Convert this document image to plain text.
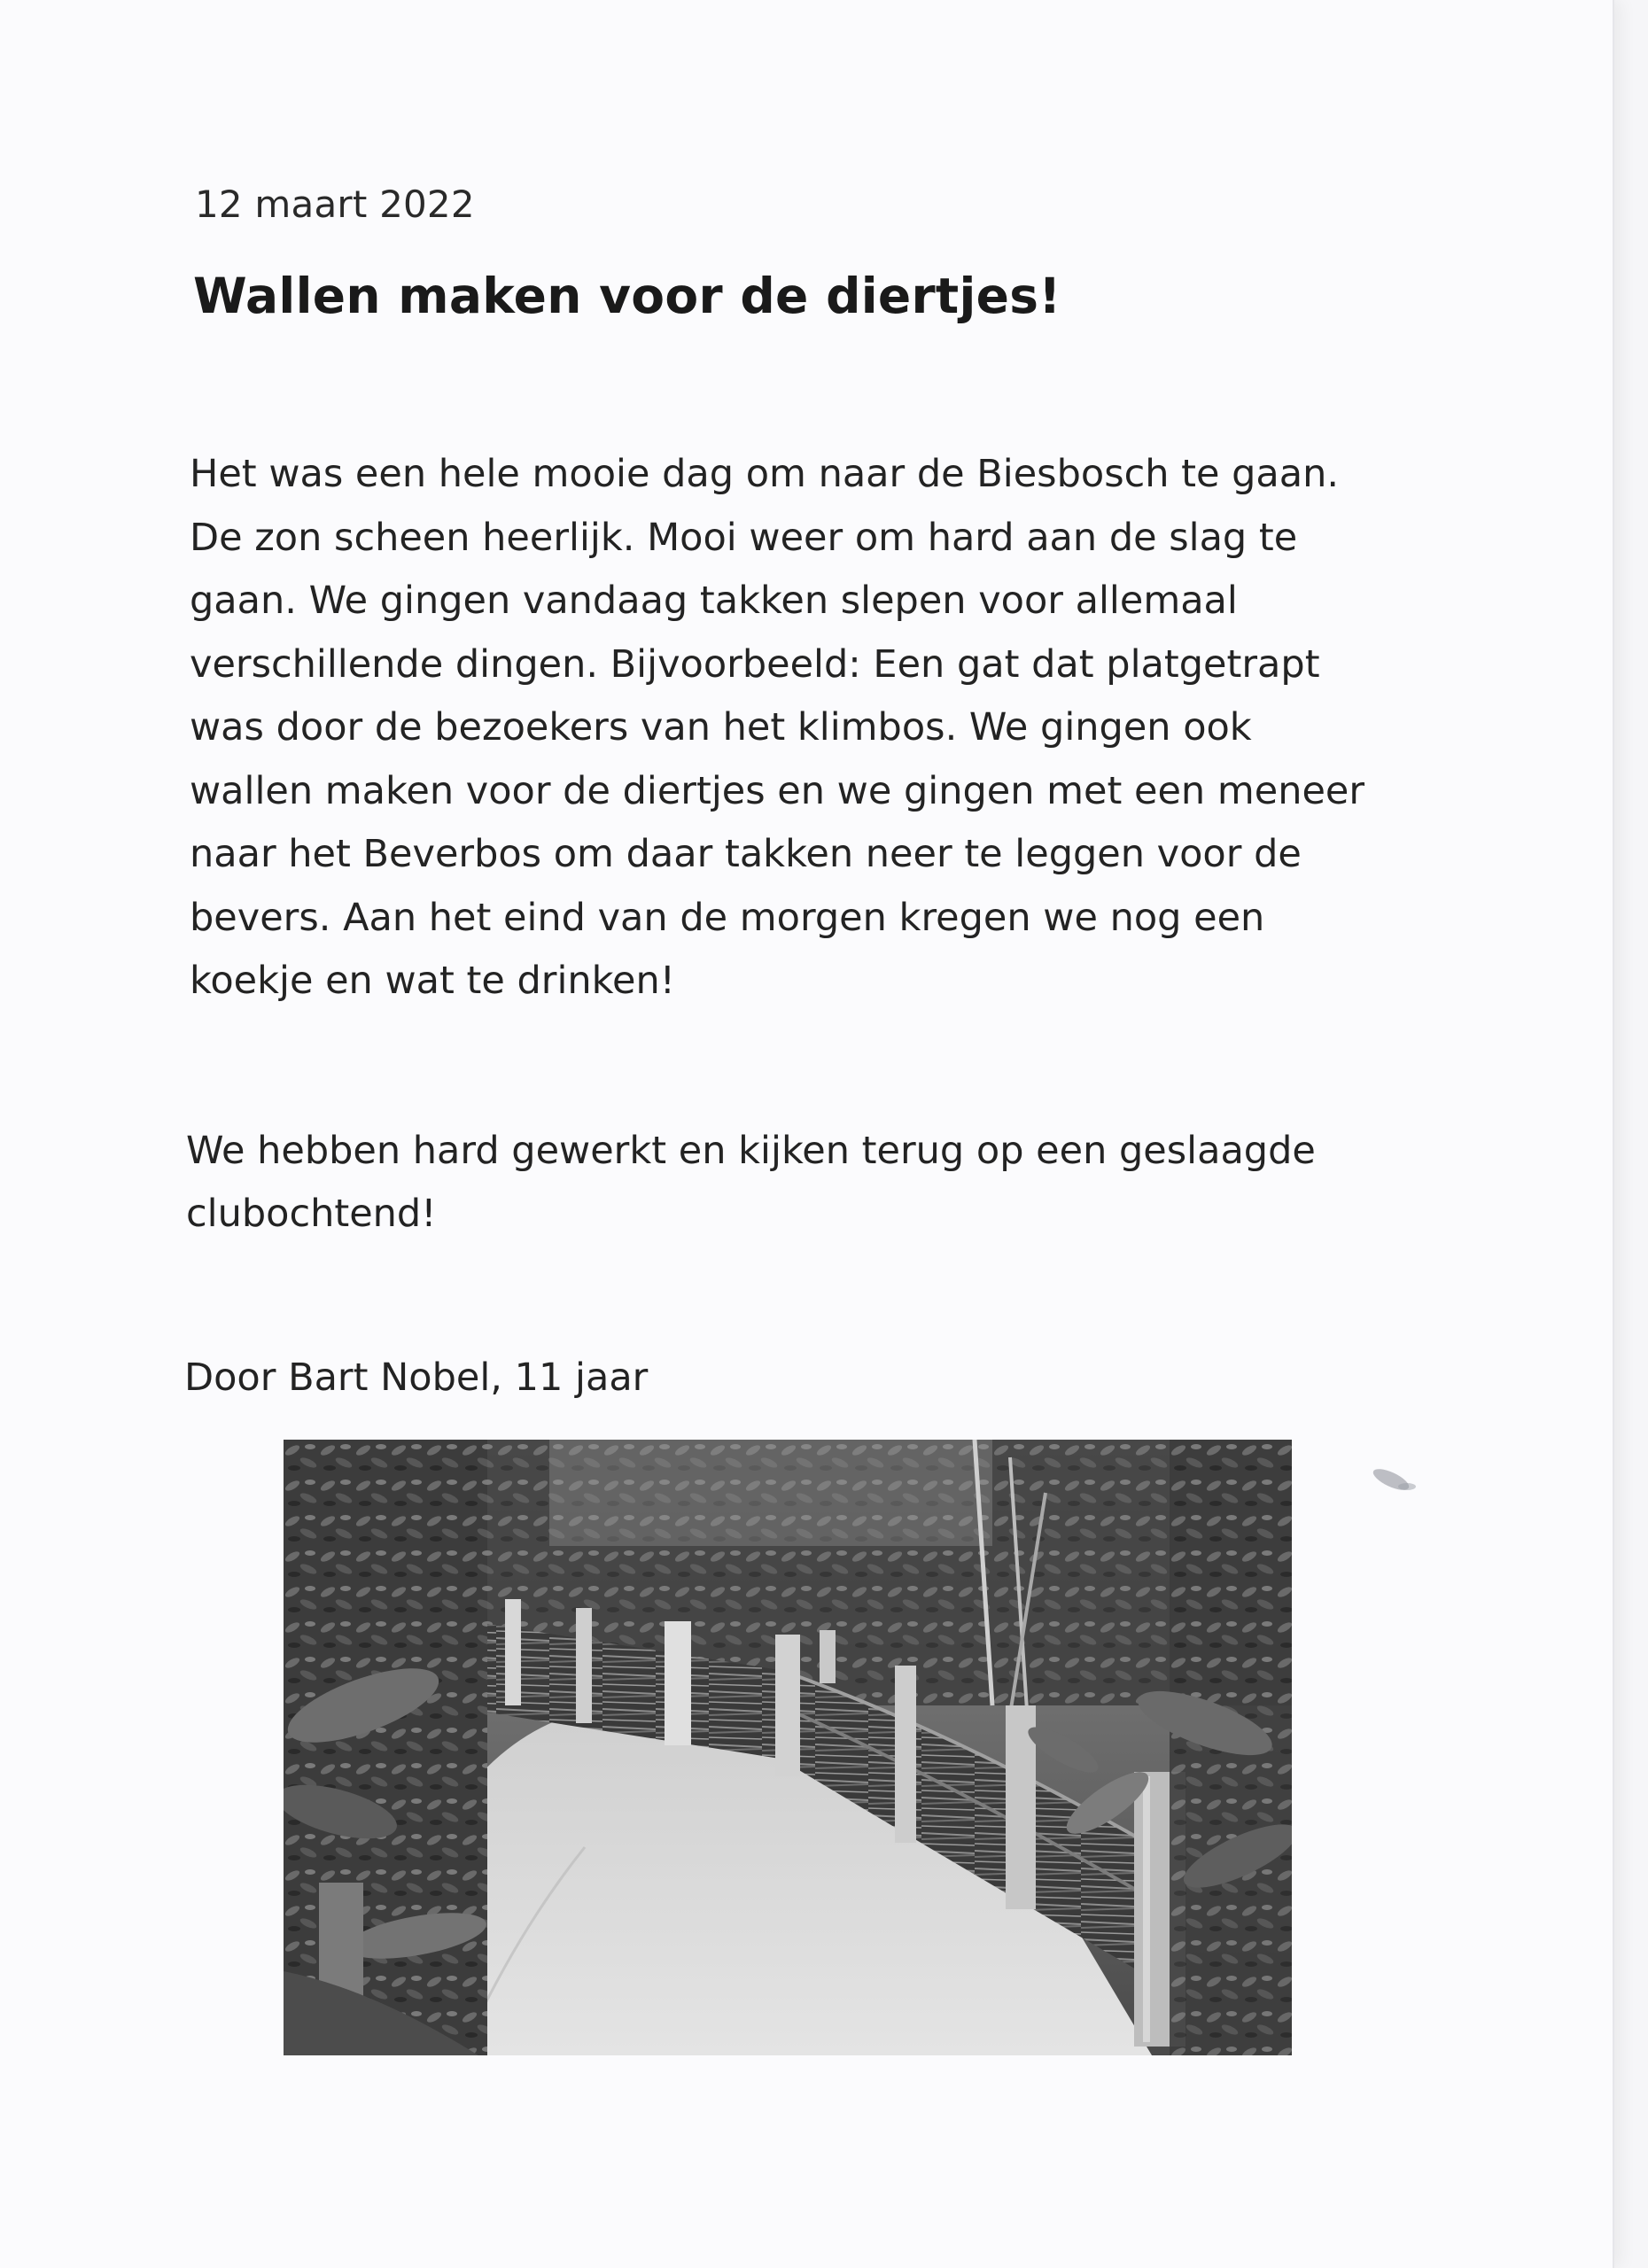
12 maart 2022
Wallen maken voor de diertjes!

Het was een hele mooie dag om naar de Biesbosch te gaan.
De zon scheen heerlijk. Mooi weer om hard aan de slag te
gaan. We gingen vandaag takken slepen voor allemaal
verschillende dingen. Bijvoorbeeld: Een gat dat platgetrapt
was door de bezoekers van het klimbos. We gingen ook
wallen maken voor de diertjes en we gingen met een meneer
naar het Beverbos om daar takken neer te leggen voor de
bevers. Aan het eind van de morgen kregen we nog een
koekje en wat te drinken!

We hebben hard gewerkt en kijken terug op een geslaagde
clubochtend!

Door Bart Nobel, 11 jaar
